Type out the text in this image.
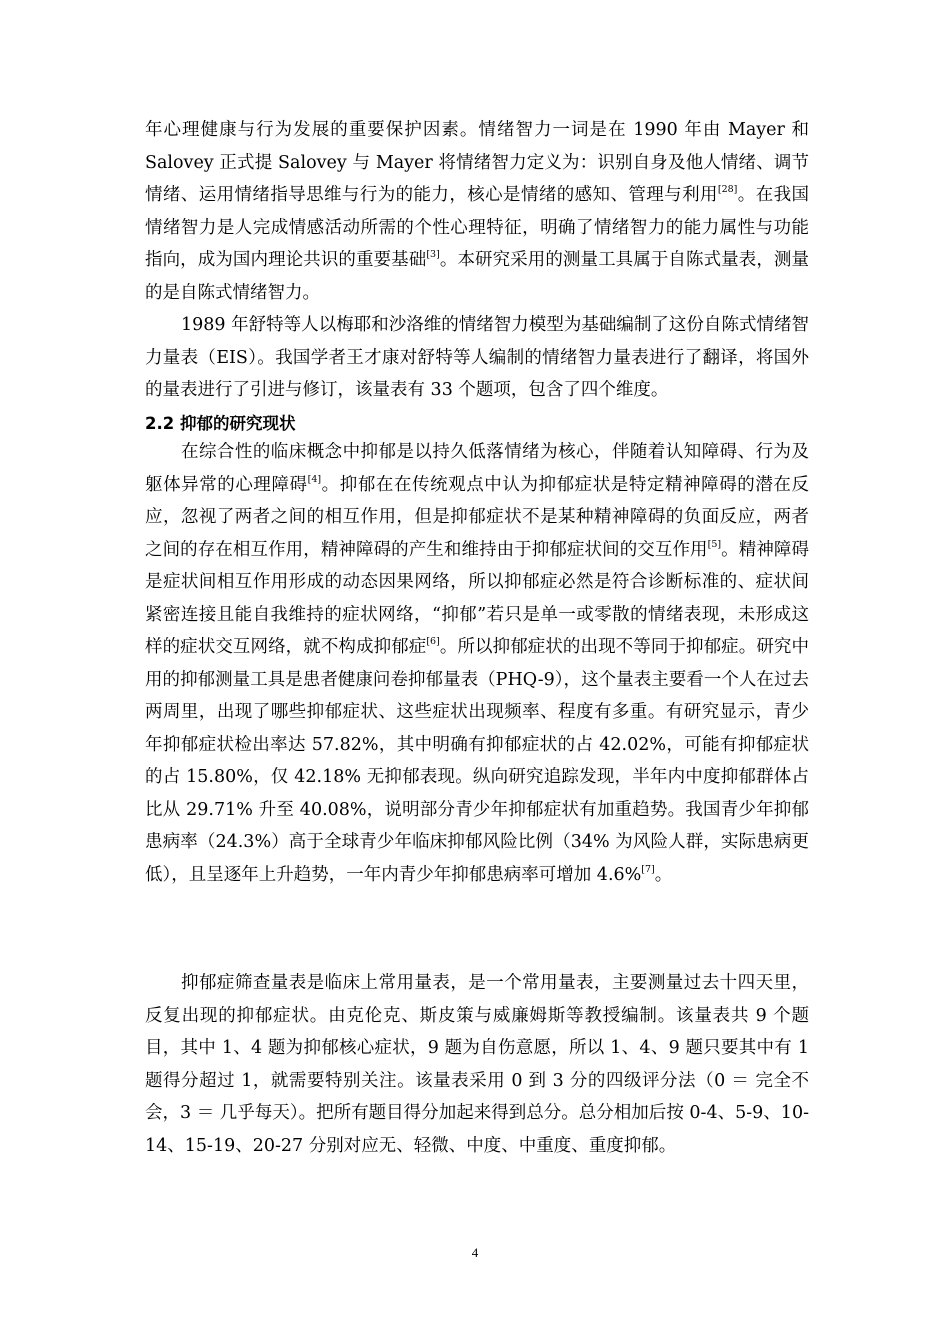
年心理健康与行为发展的重要保护因素。情绪智力一词是在 1990 年由 Mayer 和 Salovey 正式提 Salovey 与 Mayer 将情绪智力定义为：识别自身及他人情绪、调节情绪、运用情绪指导思维与行为的能力，核心是情绪的感知、管理与利用[28]。在我国情绪智力是人完成情感活动所需的个性心理特征，明确了情绪智力的能力属性与功能指向，成为国内理论共识的重要基础[3]。本研究采用的测量工具属于自陈式量表，测量的是自陈式情绪智力。

1989 年舒特等人以梅耶和沙洛维的情绪智力模型为基础编制了这份自陈式情绪智力量表（EIS）。我国学者王才康对舒特等人编制的情绪智力量表进行了翻译，将国外的量表进行了引进与修订，该量表有 33 个题项，包含了四个维度。

2.2 抑郁的研究现状

在综合性的临床概念中抑郁是以持久低落情绪为核心，伴随着认知障碍、行为及躯体异常的心理障碍[4]。抑郁在在传统观点中认为抑郁症状是特定精神障碍的潜在反应，忽视了两者之间的相互作用，但是抑郁症状不是某种精神障碍的负面反应，两者之间的存在相互作用，精神障碍的产生和维持由于抑郁症状间的交互作用[5]。精神障碍是症状间相互作用形成的动态因果网络，所以抑郁症必然是符合诊断标准的、症状间紧密连接且能自我维持的症状网络，“抑郁”若只是单一或零散的情绪表现，未形成这样的症状交互网络，就不构成抑郁症[6]。所以抑郁症状的出现不等同于抑郁症。研究中用的抑郁测量工具是患者健康问卷抑郁量表（PHQ-9），这个量表主要看一个人在过去两周里，出现了哪些抑郁症状、这些症状出现频率、程度有多重。有研究显示，青少年抑郁症状检出率达 57.82%，其中明确有抑郁症状的占 42.02%，可能有抑郁症状的占 15.80%，仅 42.18% 无抑郁表现。纵向研究追踪发现，半年内中度抑郁群体占比从 29.71% 升至 40.08%，说明部分青少年抑郁症状有加重趋势。我国青少年抑郁患病率（24.3%）高于全球青少年临床抑郁风险比例（34% 为风险人群，实际患病更低），且呈逐年上升趋势，一年内青少年抑郁患病率可增加 4.6%[7]。

抑郁症筛查量表是临床上常用量表，是一个常用量表，主要测量过去十四天里，反复出现的抑郁症状。由克伦克、斯皮策与威廉姆斯等教授编制。该量表共 9 个题目，其中 1、4 题为抑郁核心症状，9 题为自伤意愿，所以 1、4、9 题只要其中有 1 题得分超过 1，就需要特别关注。该量表采用 0 到 3 分的四级评分法（0 ＝ 完全不会，3 ＝ 几乎每天）。把所有题目得分加起来得到总分。总分相加后按 0-4、5-9、10-14、15-19、20-27 分别对应无、轻微、中度、中重度、重度抑郁。

4
